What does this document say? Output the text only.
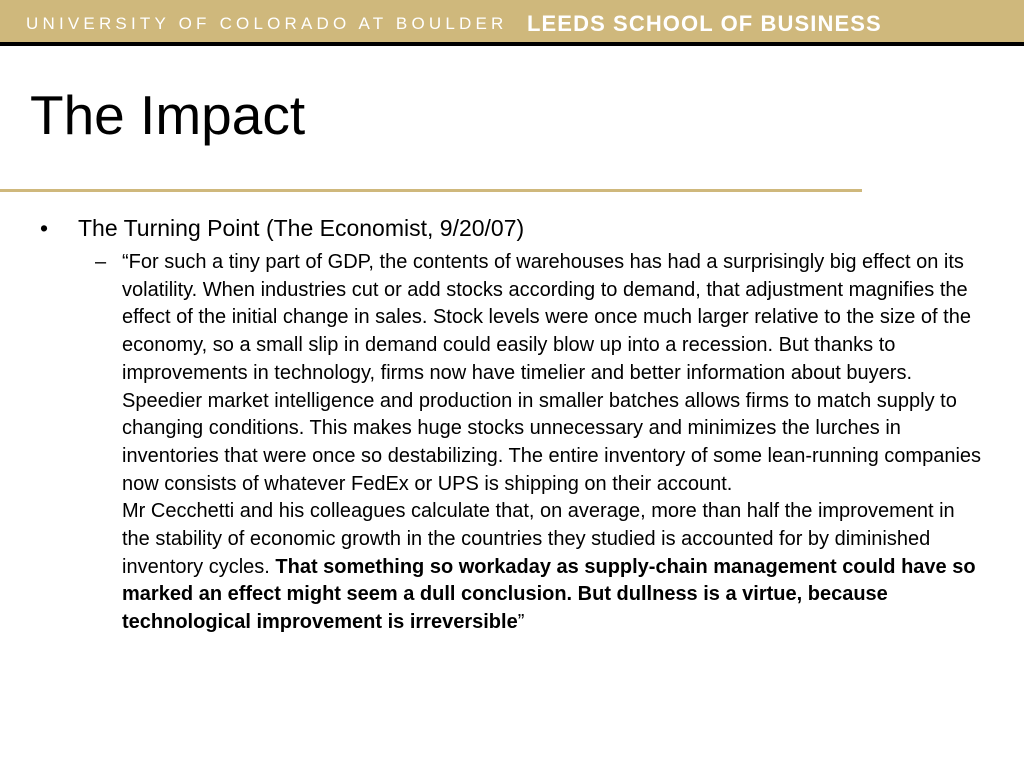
UNIVERSITY OF COLORADO AT BOULDER LEEDS SCHOOL OF BUSINESS
The Impact
• The Turning Point (The Economist, 9/20/07)
– “For such a tiny part of GDP, the contents of warehouses has had a surprisingly big effect on its volatility. When industries cut or add stocks according to demand, that adjustment magnifies the effect of the initial change in sales. Stock levels were once much larger relative to the size of the economy, so a small slip in demand could easily blow up into a recession. But thanks to improvements in technology, firms now have timelier and better information about buyers. Speedier market intelligence and production in smaller batches allows firms to match supply to changing conditions. This makes huge stocks unnecessary and minimizes the lurches in inventories that were once so destabilizing. The entire inventory of some lean-running companies now consists of whatever FedEx or UPS is shipping on their account.
Mr Cecchetti and his colleagues calculate that, on average, more than half the improvement in the stability of economic growth in the countries they studied is accounted for by diminished inventory cycles. That something so workaday as supply-chain management could have so marked an effect might seem a dull conclusion. But dullness is a virtue, because technological improvement is irreversible”
